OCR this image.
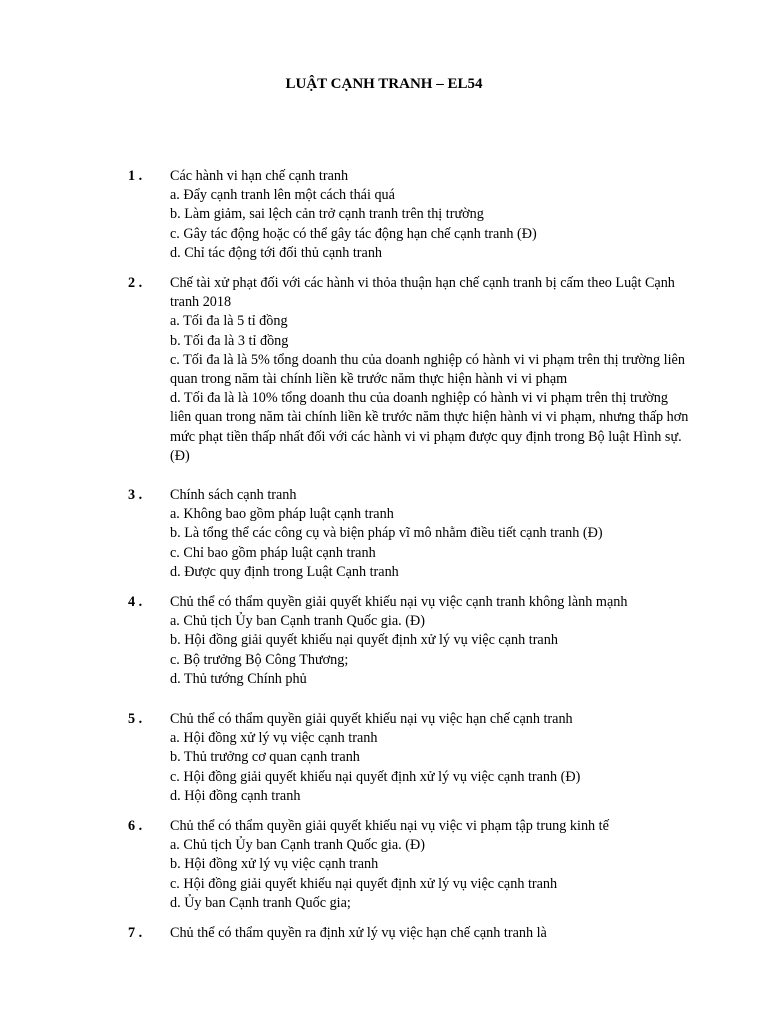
LUẬT CẠNH TRANH – EL54
1 .	Các hành vi hạn chế cạnh tranh
a. Đẩy cạnh tranh lên một cách thái quá
b. Làm giảm, sai lệch cản trở cạnh tranh trên thị trường
c. Gây tác động hoặc có thể gây tác động hạn chế cạnh tranh (Đ)
d. Chỉ tác động tới đối thủ cạnh tranh
2 .	Chế tài xử phạt đối với các hành vi thỏa thuận hạn chế cạnh tranh bị cấm theo Luật Cạnh tranh 2018
a. Tối đa là 5 tỉ đồng
b. Tối đa là 3 tỉ đồng
c. Tối đa là là 5% tổng doanh thu của doanh nghiệp có hành vi vi phạm trên thị trường liên quan trong năm tài chính liền kề trước năm thực hiện hành vi vi phạm
d. Tối đa là là 10% tổng doanh thu của doanh nghiệp có hành vi vi phạm trên thị trường liên quan trong năm tài chính liền kề trước năm thực hiện hành vi vi phạm, nhưng thấp hơn mức phạt tiền thấp nhất đối với các hành vi vi phạm được quy định trong Bộ luật Hình sự. (Đ)
3 .	Chính sách cạnh tranh
a. Không bao gồm pháp luật cạnh tranh
b. Là tổng thể các công cụ và biện pháp vĩ mô nhằm điều tiết cạnh tranh (Đ)
c. Chỉ bao gồm pháp luật cạnh tranh
d. Được quy định trong Luật Cạnh tranh
4 .	Chủ thể có thẩm quyền giải quyết khiếu nại vụ việc cạnh tranh không lành mạnh
a. Chủ tịch Ủy ban Cạnh tranh Quốc gia. (Đ)
b. Hội đồng giải quyết khiếu nại quyết định xử lý vụ việc cạnh tranh
c. Bộ trưởng Bộ Công Thương;
d. Thủ tướng Chính phủ
5 .	Chủ thể có thẩm quyền giải quyết khiếu nại vụ việc hạn chế cạnh tranh
a. Hội đồng xử lý vụ việc cạnh tranh
b. Thủ trưởng cơ quan cạnh tranh
c. Hội đồng giải quyết khiếu nại quyết định xử lý vụ việc cạnh tranh (Đ)
d. Hội đồng cạnh tranh
6 .	Chủ thể có thẩm quyền giải quyết khiếu nại vụ việc vi phạm tập trung kinh tế
a. Chủ tịch Ủy ban Cạnh tranh Quốc gia. (Đ)
b. Hội đồng xử lý vụ việc cạnh tranh
c. Hội đồng giải quyết khiếu nại quyết định xử lý vụ việc cạnh tranh
d. Ủy ban Cạnh tranh Quốc gia;
7 .	Chủ thể có thẩm quyền ra định xử lý vụ việc hạn chế cạnh tranh là
